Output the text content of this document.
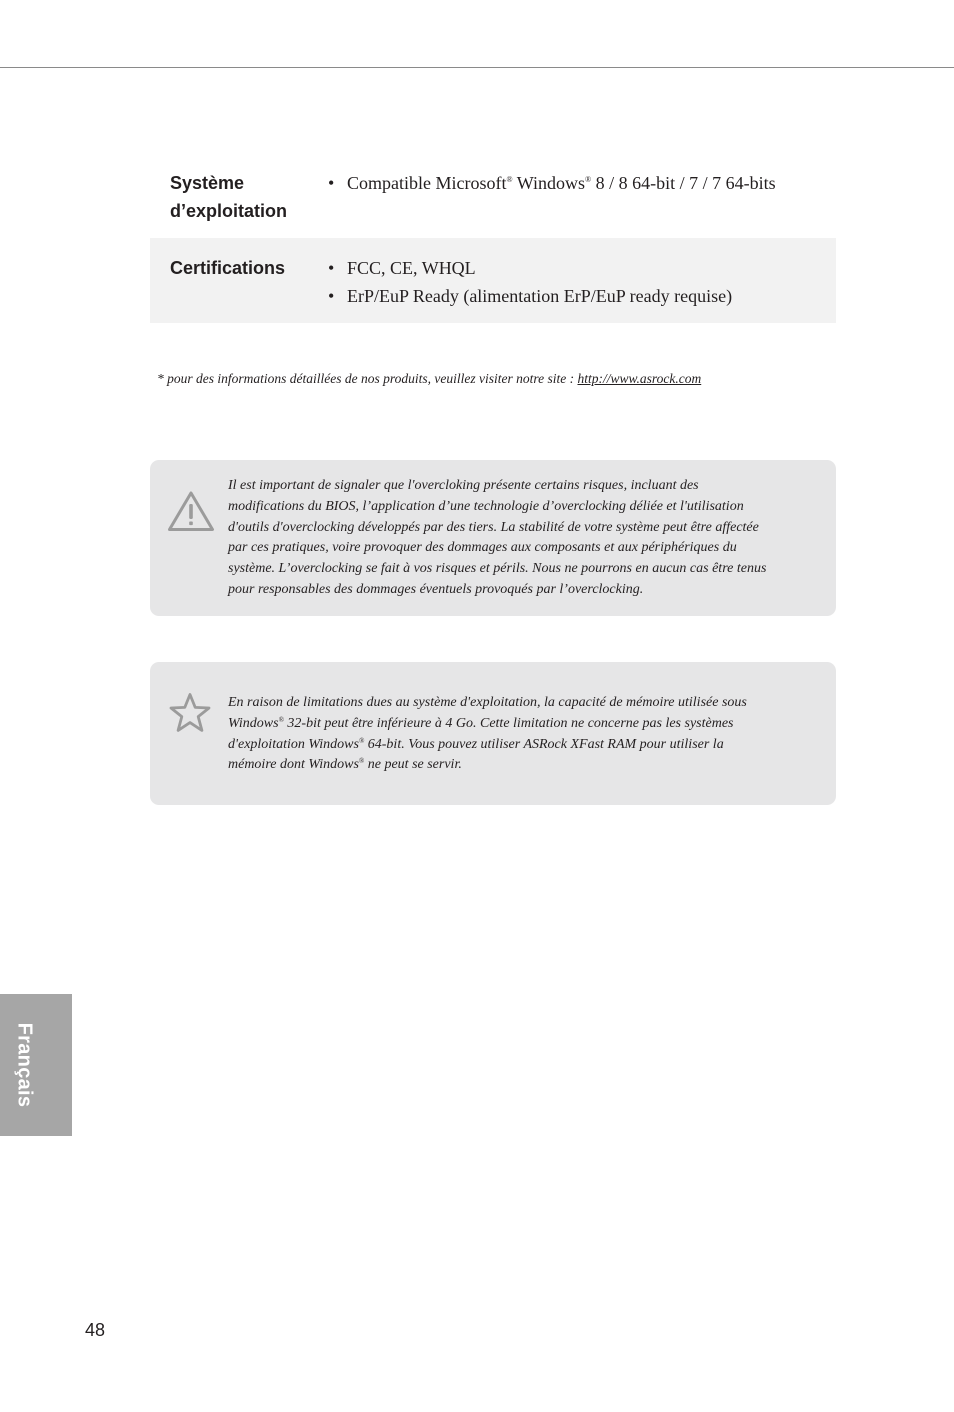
Système
d’exploitation
• Compatible Microsoft® Windows® 8 / 8 64-bit / 7 / 7 64-bits
Certifications	• FCC, CE, WHQL
• ErP/EuP Ready (alimentation ErP/EuP ready requise)
* pour des informations détaillées de nos produits, veuillez visiter notre site : http://www.asrock.com

Il est important de signaler que l'overcloking présente certains risques, incluant des
modifications du BIOS, l’application d’une technologie d’overclocking déliée et l'utilisation
d'outils d'overclocking développés par des tiers. La stabilité de votre système peut être affectée
par ces pratiques, voire provoquer des dommages aux composants et aux périphériques du
système. L’overclocking se fait à vos risques et périls. Nous ne pourrons en aucun cas être tenus
pour responsables des dommages éventuels provoqués par l’overclocking.

En raison de limitations dues au système d'exploitation, la capacité de mémoire utilisée sous
Windows® 32-bit peut être inférieure à 4 Go. Cette limitation ne concerne pas les systèmes
d'exploitation Windows® 64-bit. Vous pouvez utiliser ASRock XFast RAM pour utiliser la
mémoire dont Windows® ne peut se servir.

Français
48
